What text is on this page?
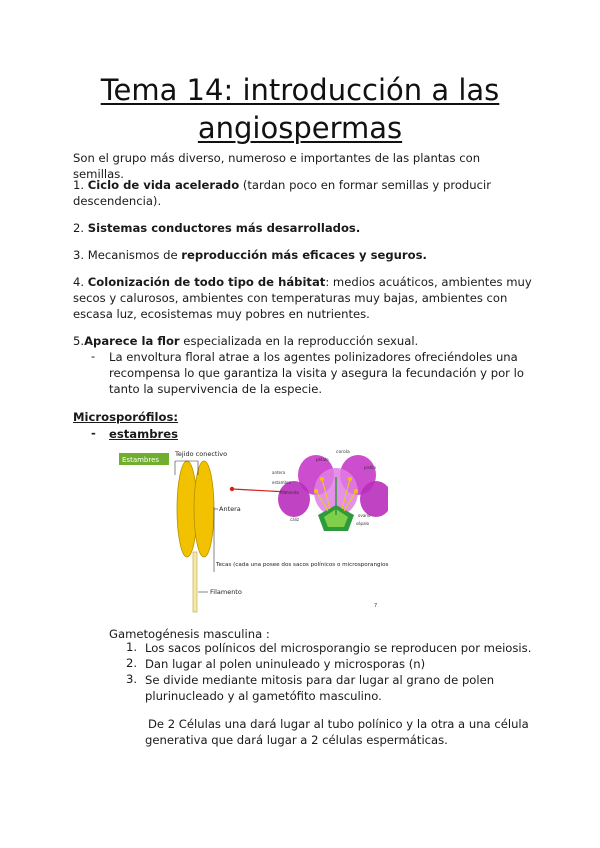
Tema 14: introducción a las
angiospermas

Son el grupo más diverso, numeroso e importantes de las plantas con semillas.

1. Ciclo de vida acelerado (tardan poco en formar semillas y producir descendencia).

2. Sistemas conductores más desarrollados.

3. Mecanismos de reproducción más eficaces y seguros.

4. Colonización de todo tipo de hábitat: medios acuáticos, ambientes muy secos y calurosos, ambientes con temperaturas muy bajas, ambientes con escasa luz, ecosistemas muy pobres en nutrientes.

5.Aparece la flor especializada en la reproducción sexual.

- La envoltura floral atrae a los agentes polinizadores ofreciéndoles una recompensa lo que garantiza la visita y asegura la fecundación y por lo tanto la supervivencia de la especie.
Microsporófilos:
- estambres
Estambres
Tejido conectivo
Antera
Tecas (cada una posee dos sacos polínicos o microsporangios).
Filamento
corola
antera
estambre
filamento
pétalo
pistilo
cáliz
ovario
sépalo
7
Gametogénesis masculina :
1. Los sacos polínicos del microsporangio se reproducen por meiosis.
2. Dan lugar al polen uninuleado y microsporas (n)
3. Se divide mediante mitosis para dar lugar al grano de polen plurinucleado y al gametófito masculino.
De 2 Células una dará lugar al tubo polínico y la otra a una célula generativa que dará lugar a 2 células espermáticas.
